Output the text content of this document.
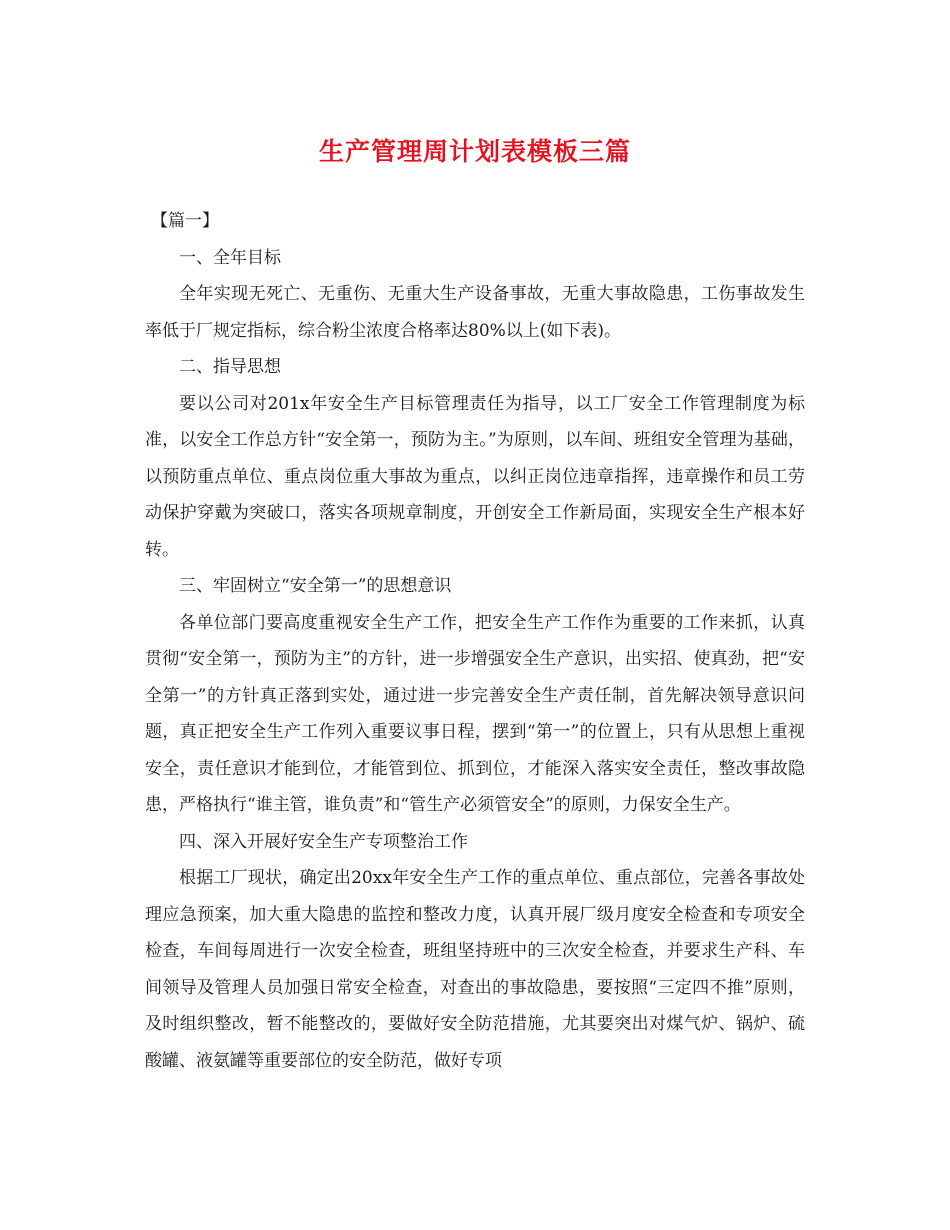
生产管理周计划表模板三篇

【篇一】

一、全年目标

全年实现无死亡、无重伤、无重大生产设备事故，无重大事故隐患，工伤事故发生率低于厂规定指标，综合粉尘浓度合格率达80%以上(如下表)。

二、指导思想

要以公司对201x年安全生产目标管理责任为指导，以工厂安全工作管理制度为标准，以安全工作总方针“安全第一，预防为主。”为原则，以车间、班组安全管理为基础，以预防重点单位、重点岗位重大事故为重点，以纠正岗位违章指挥，违章操作和员工劳动保护穿戴为突破口，落实各项规章制度，开创安全工作新局面，实现安全生产根本好转。

三、牢固树立“安全第一”的思想意识

各单位部门要高度重视安全生产工作，把安全生产工作作为重要的工作来抓，认真贯彻“安全第一，预防为主”的方针，进一步增强安全生产意识，出实招、使真劲，把“安全第一”的方针真正落到实处，通过进一步完善安全生产责任制，首先解决领导意识问题，真正把安全生产工作列入重要议事日程，摆到“第一”的位置上，只有从思想上重视安全，责任意识才能到位，才能管到位、抓到位，才能深入落实安全责任，整改事故隐患，严格执行“谁主管，谁负责”和“管生产必须管安全”的原则，力保安全生产。

四、深入开展好安全生产专项整治工作

根据工厂现状，确定出20xx年安全生产工作的重点单位、重点部位，完善各事故处理应急预案，加大重大隐患的监控和整改力度，认真开展厂级月度安全检查和专项安全检查，车间每周进行一次安全检查，班组坚持班中的三次安全检查，并要求生产科、车间领导及管理人员加强日常安全检查，对查出的事故隐患，要按照“三定四不推”原则，及时组织整改，暂不能整改的，要做好安全防范措施，尤其要突出对煤气炉、锅炉、硫酸罐、液氨罐等重要部位的安全防范，做好专项
